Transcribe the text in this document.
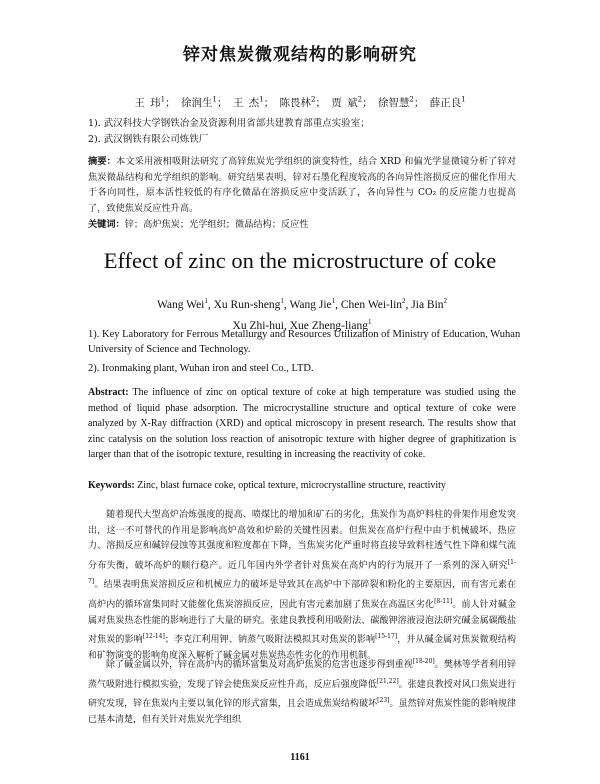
锌对焦炭微观结构的影响研究
王 玮$^1$； 徐润生$^1$； 王 杰$^1$； 陈畏林$^2$； 贾 斌$^2$； 徐智慧$^2$； 薛正良$^1$
1). 武汉科技大学钢铁冶金及资源利用省部共建教育部重点实验室；
2). 武汉钢铁有限公司炼铁厂
摘要：本文采用液相吸附法研究了高锌焦炭光学组织的演变特性，结合 XRD 和偏光学显微镜分析了锌对焦炭微晶结构和光学组织的影响。研究结果表明，锌对石墨化程度较高的各向异性溶损反应的催化作用大于各向同性，原本活性较低的有序化微晶在溶损反应中变活跃了，各向异性与 CO₂ 的反应能力也提高了，致使焦炭反应性升高。
关键词：锌；高炉焦炭；光学组织；微晶结构；反应性
Effect of zinc on the microstructure of coke
Wang Wei$^1$, Xu Run-sheng$^1$, Wang Jie$^1$, Chen Wei-lin$^2$, Jia Bin$^2$
Xu Zhi-hui, Xue Zheng-liang$^1$
1). Key Laboratory for Ferrous Metallurgy and Resources Utilization of Ministry of Education, Wuhan University of Science and Technology.
2). Ironmaking plant, Wuhan iron and steel Co., LTD.
Abstract: The influence of zinc on optical texture of coke at high temperature was studied using the method of liquid phase adsorption. The microcrystalline structure and optical texture of coke were analyzed by X-Ray diffraction (XRD) and optical microscopy in present research. The results show that zinc catalysis on the solution loss reaction of anisotropic texture with higher degree of graphitization is larger than that of the isotropic texture, resulting in increasing the reactivity of coke.
Keywords: Zinc, blast furnace coke, optical texture, microcrystalline structure, reactivity
随着现代大型高炉冶炼强度的提高、喷煤比的增加和矿石的劣化，焦炭作为高炉料柱的骨架作用愈发突出，这一不可替代的作用是影响高炉高效和炉龄的关键性因素。但焦炭在高炉行程中由于机械破坏、热应力、溶损反应和碱锌侵蚀等其强度和粒度都在下降，当焦炭劣化严重时将直接导致料柱透气性下降和煤气流分布失衡，破坏高炉的顺行稳产。近几年国内外学者针对焦炭在高炉内的行为展开了一系列的深入研究[1-7]。结果表明焦炭溶损反应和机械应力的破坏是导致其在高炉中下部碎裂和粉化的主要原因，而有害元素在高炉内的循环富集同时又能催化焦炭溶损反应，因此有害元素加剧了焦炭在高温区劣化[8-11]。前人针对碱金属对焦炭热态性能的影响进行了大量的研究。张建良教授利用吸附法、碳酸钾溶液浸泡法研究碱金属碳酸盐对焦炭的影响[12-14]；李克江利用钾、钠蒸气吸附法模拟其对焦炭的影响[15-17]，并从碱金属对焦炭微观结构和矿物演变的影响角度深入解析了碱金属对焦炭热态性劣化的作用机制。
除了碱金属以外，锌在高炉内的循环富集及对高炉焦炭的危害也逐步得到重视[18-20]。樊林等学者利用锌蒸气吸附进行模拟实验，发现了锌会使焦炭反应性升高，反应后强度降低[21,22]。张建良教授对风口焦炭进行研究发现，锌在焦炭内主要以氧化锌的形式富集，且会造成焦炭结构破坏[23]。虽然锌对焦炭性能的影响规律已基本清楚，但有关针对焦炭光学组织
1161
